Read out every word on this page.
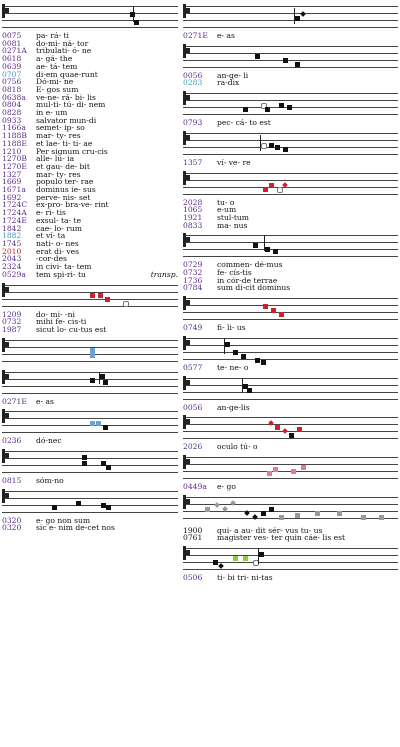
0075	pa- rá- ti
0081	do-mi- ná- tor
0271A	tribulati- ó- ne
0618	a- gá- the
0639	ae- tá- tem
0707	di-em quae-runt
0756	Dó-mi- ne
0818	E- gos sum
0638a	ve-ne- rá- bi- lis
0804	mul-ti- tú- di- nem
0828	in e- um
0933	salvator mun-di
1166a	semet- ip- so
1188B	mar- ty- res
1188E	et lae- ti- ti- ae
1210	Per signum cru-cis
1270B	alle- lu- ia
1270E	et gau- de- bit
1327	mar- ty- res
1669	populo ter- rae
1671a	dominus ie- sus
1692	perve- nis- set
1724C	ex-pro- bra-ve- rint
1724A	e- ri- tis
1724E	exsul- ta- te
1842	cae- lo- rum
1882	et ví- ta
1745	nati- o- nes
2010	erat di- ves
2043	-cor-des
2324	in civi- ta- tem
0529a	tem spi-ri- tu	transp.
1209	do- mi- -ni
0732	mihi fe- cis-ti
1987	sicut lo- cu-tus est
0271E	e- as
0236	dó-nec
0815	sóm-no
0320	e- go non sum
0320	sic e- nim de-cet nos
0271E	e- as
0056	an-ge- li
0283	ra-dix
0793	pec- cá- to est
1357	ví- ve- re
2028	tu- o
1065	e-um
1921	stul-tum
0833	ma- nus
0729	commen- dé-mus
0732	fe- cís-tis
1736	in cór-de terrae
0784	sum di-cit dominus
0749	fi- li- us
0577	te- ne- o
0056	an-ge-lis
2026	oculo tú- o
0449a	e- go
1900	qui- a au- dit sér- vus tu- us
0761	magister ves- ter quin cáe- lis est
0506	ti- bi tri- ni-tas
